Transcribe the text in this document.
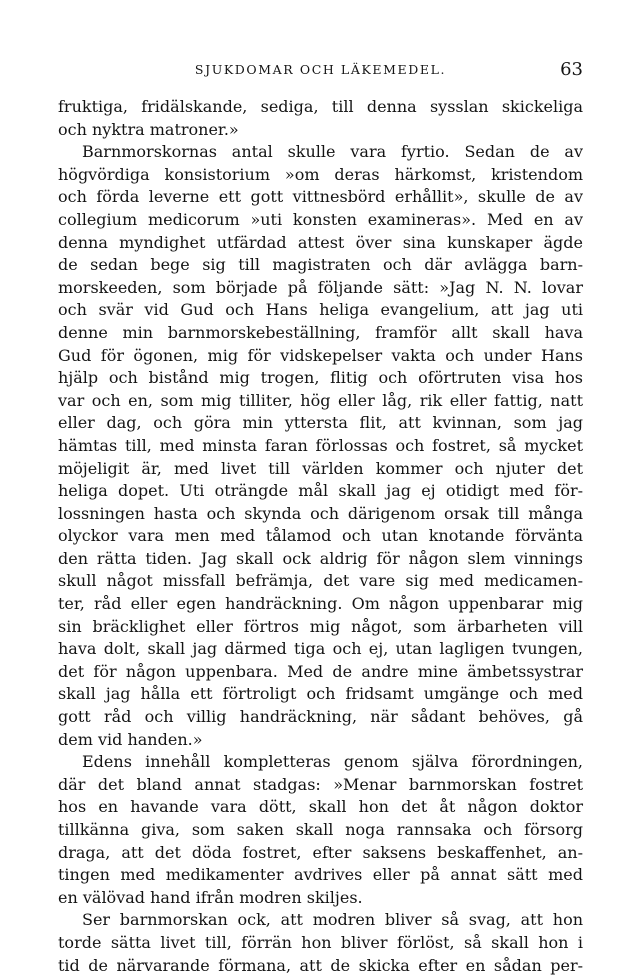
SJUKDOMAR OCH LÄKEMEDEL.	63
fruktiga, fridälskande, sediga, till denna sysslan skickeliga
och nyktra matroner.»
Barnmorskornas antal skulle vara fyrtio. Sedan de av
högvördiga konsistorium »om deras härkomst, kristendom
och förda leverne ett gott vittnesbörd erhållit», skulle de av
collegium medicorum »uti konsten examineras». Med en av
denna myndighet utfärdad attest över sina kunskaper ägde
de sedan bege sig till magistraten och där avlägga barn-
morskeeden, som började på följande sätt: »Jag N. N. lovar
och svär vid Gud och Hans heliga evangelium, att jag uti
denne min barnmorskebeställning, framför allt skall hava
Gud för ögonen, mig för vidskepelser vakta och under Hans
hjälp och bistånd mig trogen, flitig och oförtruten visa hos
var och en, som mig tilliter, hög eller låg, rik eller fattig, natt
eller dag, och göra min yttersta flit, att kvinnan, som jag
hämtas till, med minsta faran förlossas och fostret, så mycket
möjeligit är, med livet till världen kommer och njuter det
heliga dopet. Uti oträngde mål skall jag ej otidigt med för-
lossningen hasta och skynda och därigenom orsak till många
olyckor vara men med tålamod och utan knotande förvänta
den rätta tiden. Jag skall ock aldrig för någon slem vinnings
skull något missfall befrämja, det vare sig med medicamen-
ter, råd eller egen handräckning. Om någon uppenbarar mig
sin bräcklighet eller förtros mig något, som ärbarheten vill
hava dolt, skall jag därmed tiga och ej, utan lagligen tvungen,
det för någon uppenbara. Med de andre mine ämbetssystrar
skall jag hålla ett förtroligt och fridsamt umgänge och med
gott råd och villig handräckning, när sådant behöves, gå
dem vid handen.»
Edens innehåll kompletteras genom själva förordningen,
där det bland annat stadgas: »Menar barnmorskan fostret
hos en havande vara dött, skall hon det åt någon doktor
tillkänna giva, som saken skall noga rannsaka och försorg
draga, att det döda fostret, efter saksens beskaffenhet, an-
tingen med medikamenter avdrives eller på annat sätt med
en välövad hand ifrån modren skiljes.
Ser barnmorskan ock, att modren bliver så svag, att hon
torde sätta livet till, förrän hon bliver förlöst, så skall hon i
tid de närvarande förmana, att de skicka efter en sådan per-
